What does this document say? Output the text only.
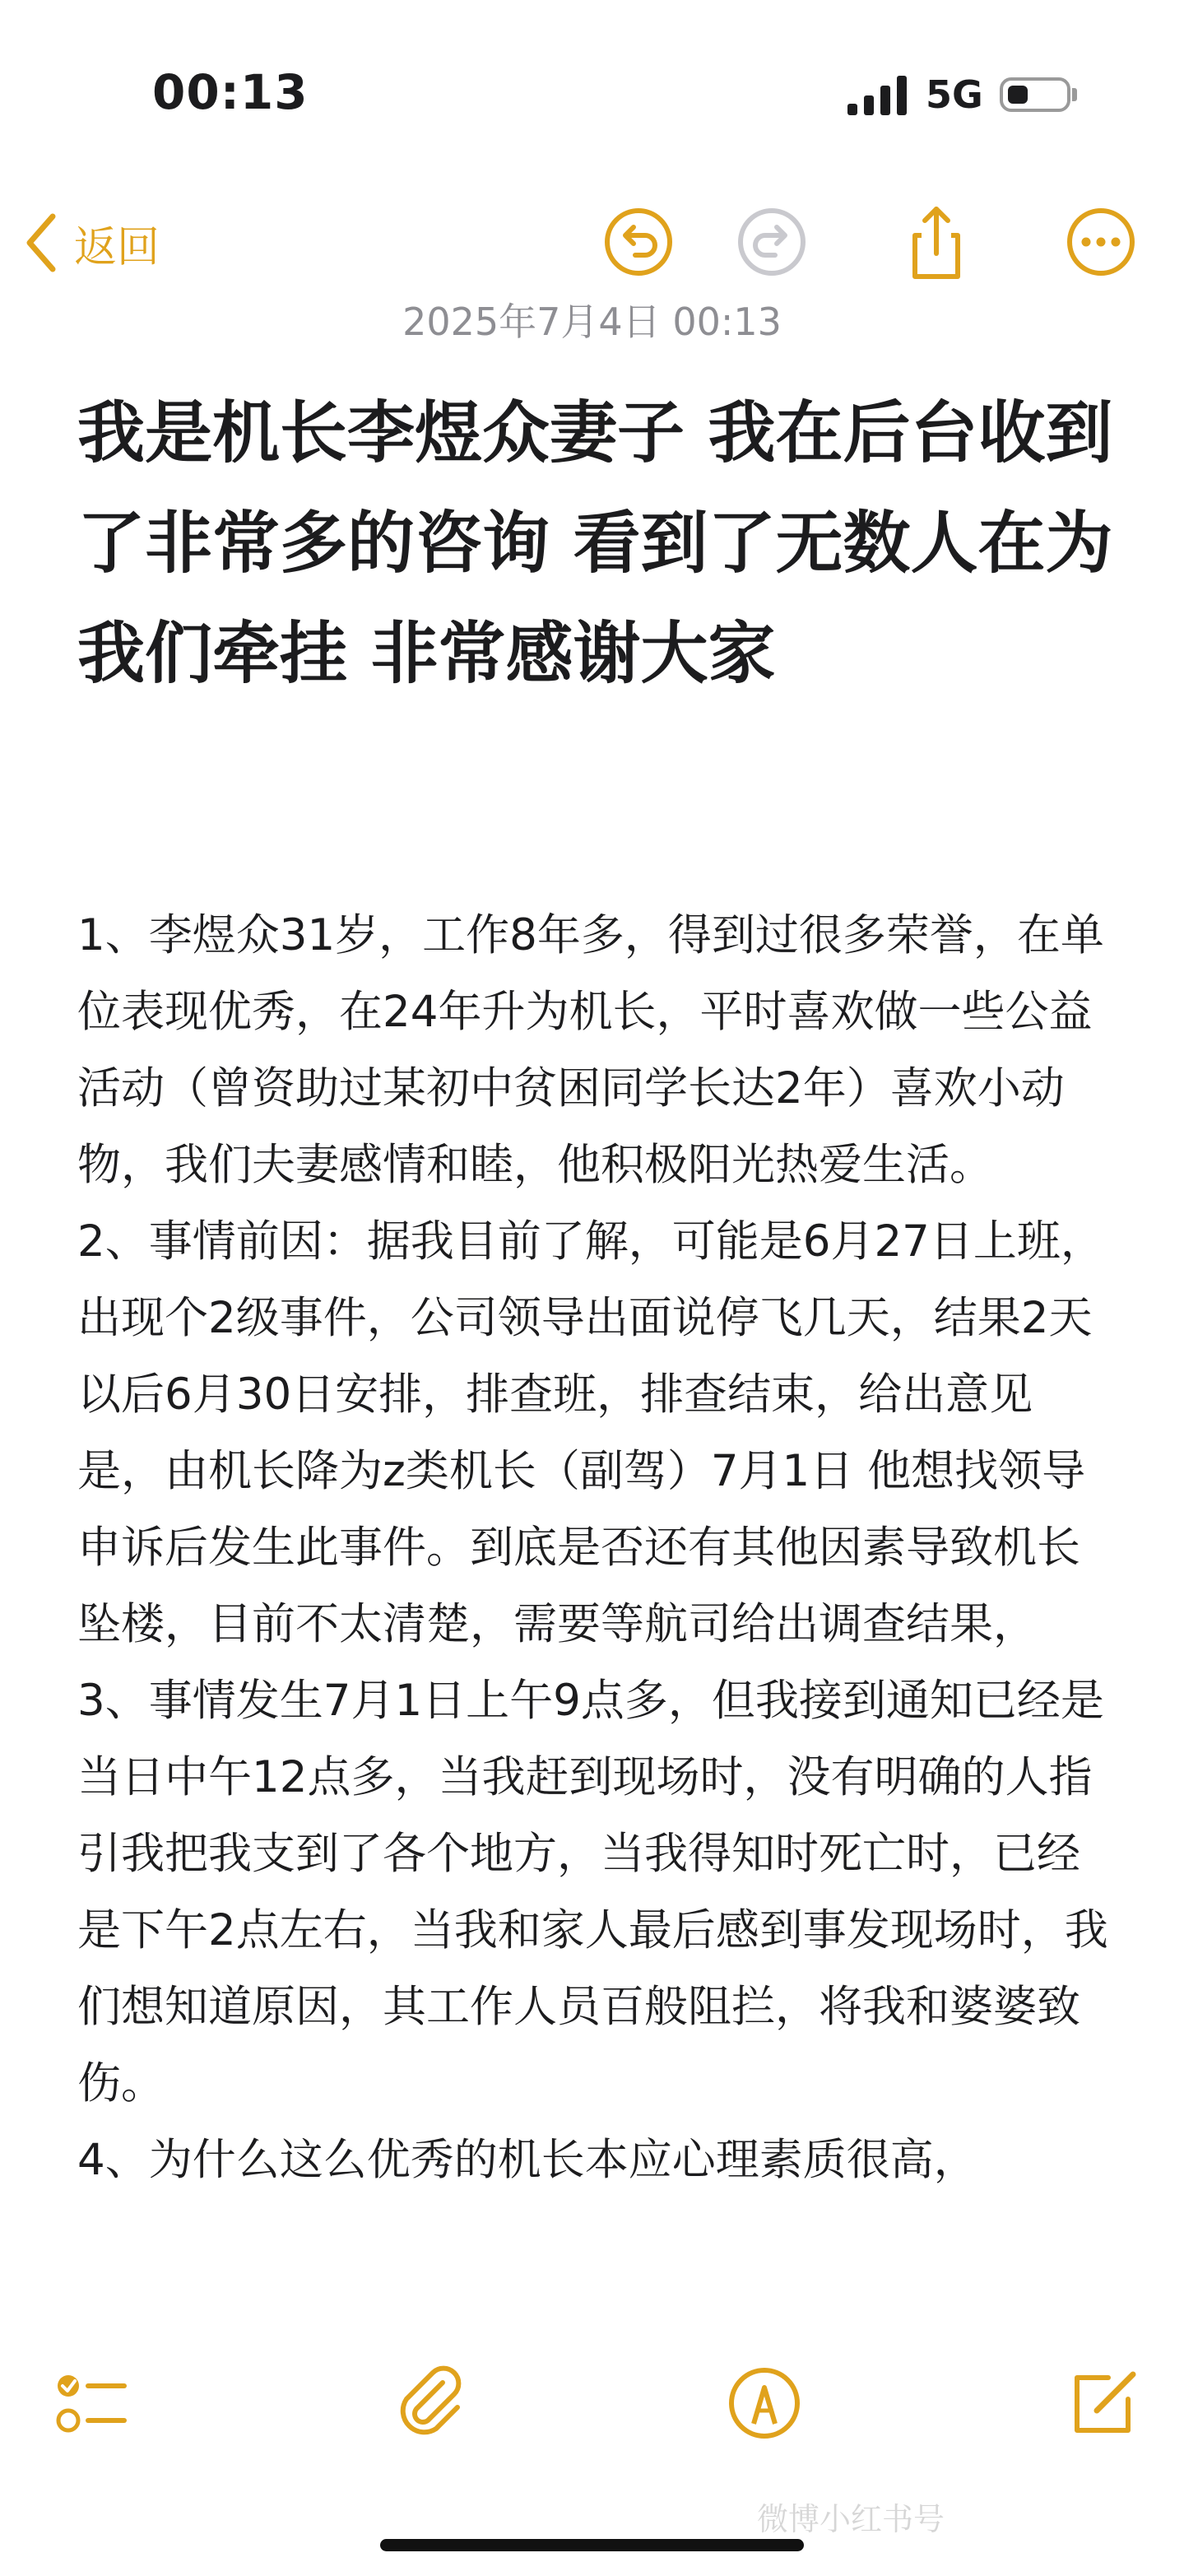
00:13	5G
返回
2025年7月4日 00:13
我是机长李煜众妻子 我在后台收到了非常多的咨询 看到了无数人在为我们牵挂 非常感谢大家

1、李煜众31岁，工作8年多，得到过很多荣誉，在单位表现优秀，在24年升为机长，平时喜欢做一些公益活动（曾资助过某初中贫困同学长达2年）喜欢小动物，我们夫妻感情和睦，他积极阳光热爱生活。

2、事情前因：据我目前了解，可能是6月27日上班，出现个2级事件，公司领导出面说停飞几天，结果2天以后6月30日安排，排查班，排查结束，给出意见是，由机长降为z类机长（副驾）7月1日 他想找领导申诉后发生此事件。到底是否还有其他因素导致机长坠楼，目前不太清楚，需要等航司给出调查结果，

3、事情发生7月1日上午9点多，但我接到通知已经是当日中午12点多，当我赶到现场时，没有明确的人指引我把我支到了各个地方，当我得知时死亡时，已经是下午2点左右，当我和家人最后感到事发现场时，我们想知道原因，其工作人员百般阻拦，将我和婆婆致伤。

4、为什么这么优秀的机长本应心理素质很高，

微博小红书号
